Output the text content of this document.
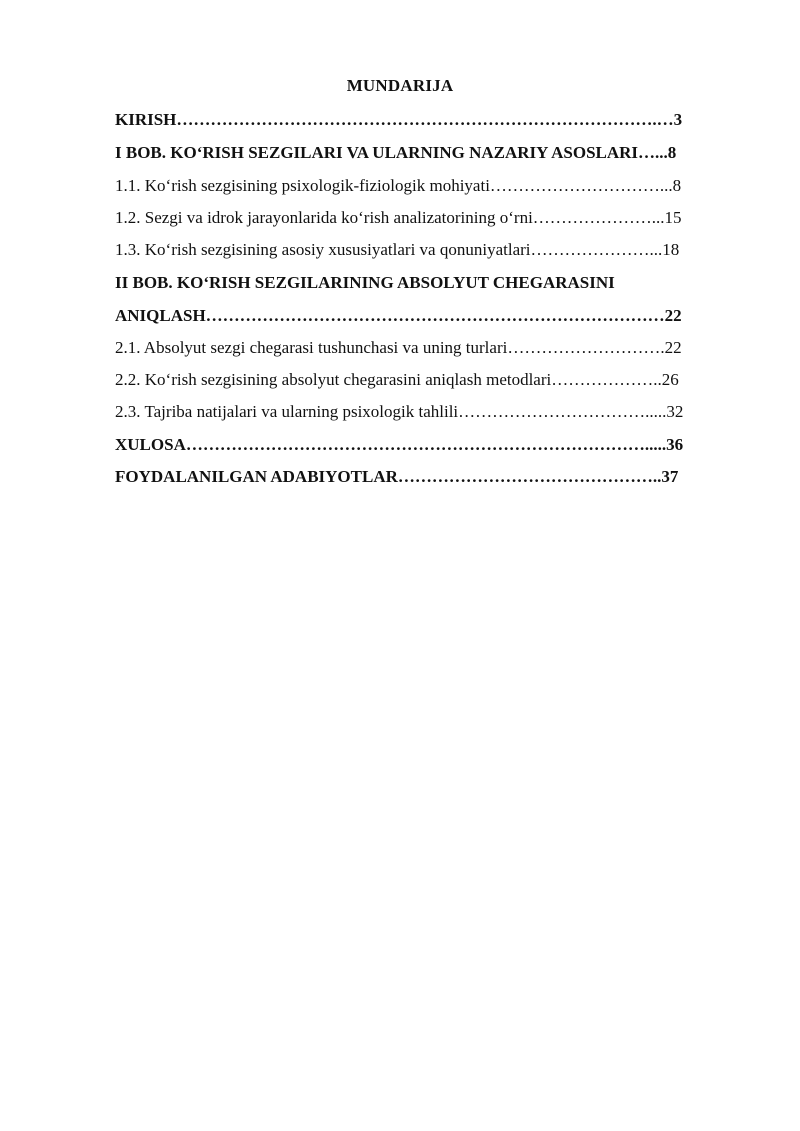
MUNDARIJA
KIRISH………………………………………………………………………….…3
I BOB. KO‘RISH SEZGILARI VA ULARNING NAZARIY ASOSLARI…...8
1.1. Ko‘rish sezgisining psixologik-fiziologik mohiyati…………………………...8
1.2. Sezgi va idrok jarayonlarida ko‘rish analizatorining o‘rni…………………...15
1.3. Ko‘rish sezgisining asosiy xususiyatlari va qonuniyatlari…………………...18
II BOB. KO‘RISH SEZGILARINING ABSOLYUT CHEGARASINI
ANIQLASH………………………………………………………………………22
2.1. Absolyut sezgi chegarasi tushunchasi va uning turlari……………………….22
2.2. Ko‘rish sezgisining absolyut chegarasini aniqlash metodlari………………..26
2.3. Tajriba natijalari va ularning psixologik tahlili…………………………….....32
XULOSA……………………………………………………………………….....36
FOYDALANILGAN ADABIYOTLAR………………………………………..37
